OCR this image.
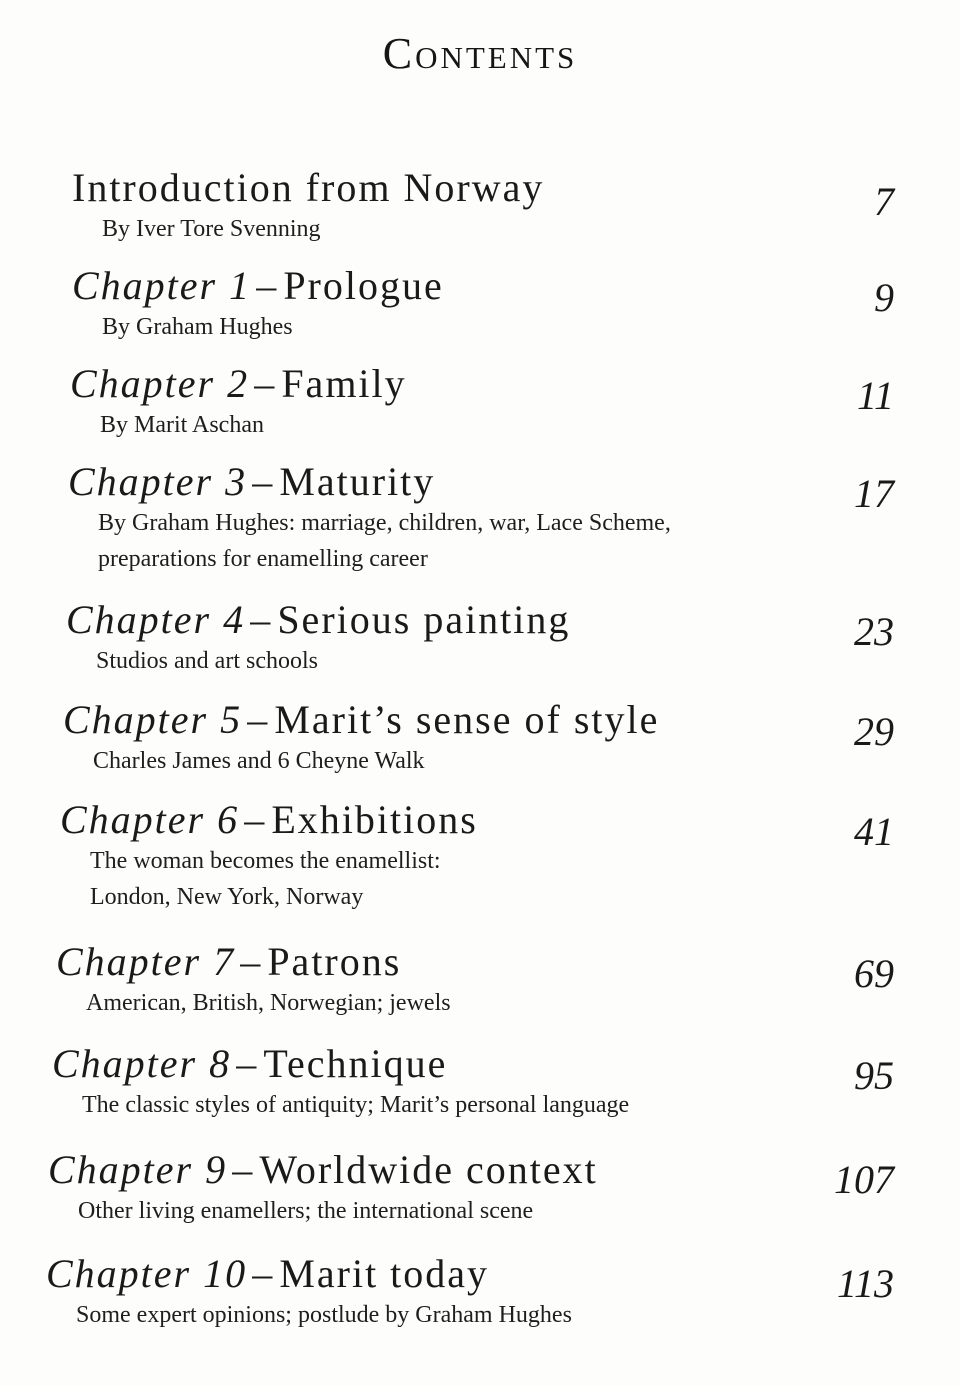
Contents
Introduction from Norway
By Iver Tore Svenning
7
Chapter 1 – Prologue
By Graham Hughes
9
Chapter 2 – Family
By Marit Aschan
11
Chapter 3 – Maturity
By Graham Hughes: marriage, children, war, Lace Scheme,
preparations for enamelling career
17
Chapter 4 – Serious painting
Studios and art schools
23
Chapter 5 – Marit’s sense of style
Charles James and 6 Cheyne Walk
29
Chapter 6 – Exhibitions
The woman becomes the enamellist:
London, New York, Norway
41
Chapter 7 – Patrons
American, British, Norwegian; jewels
69
Chapter 8 – Technique
The classic styles of antiquity; Marit’s personal language
95
Chapter 9 – Worldwide context
Other living enamellers; the international scene
107
Chapter 10 – Marit today
Some expert opinions; postlude by Graham Hughes
113
